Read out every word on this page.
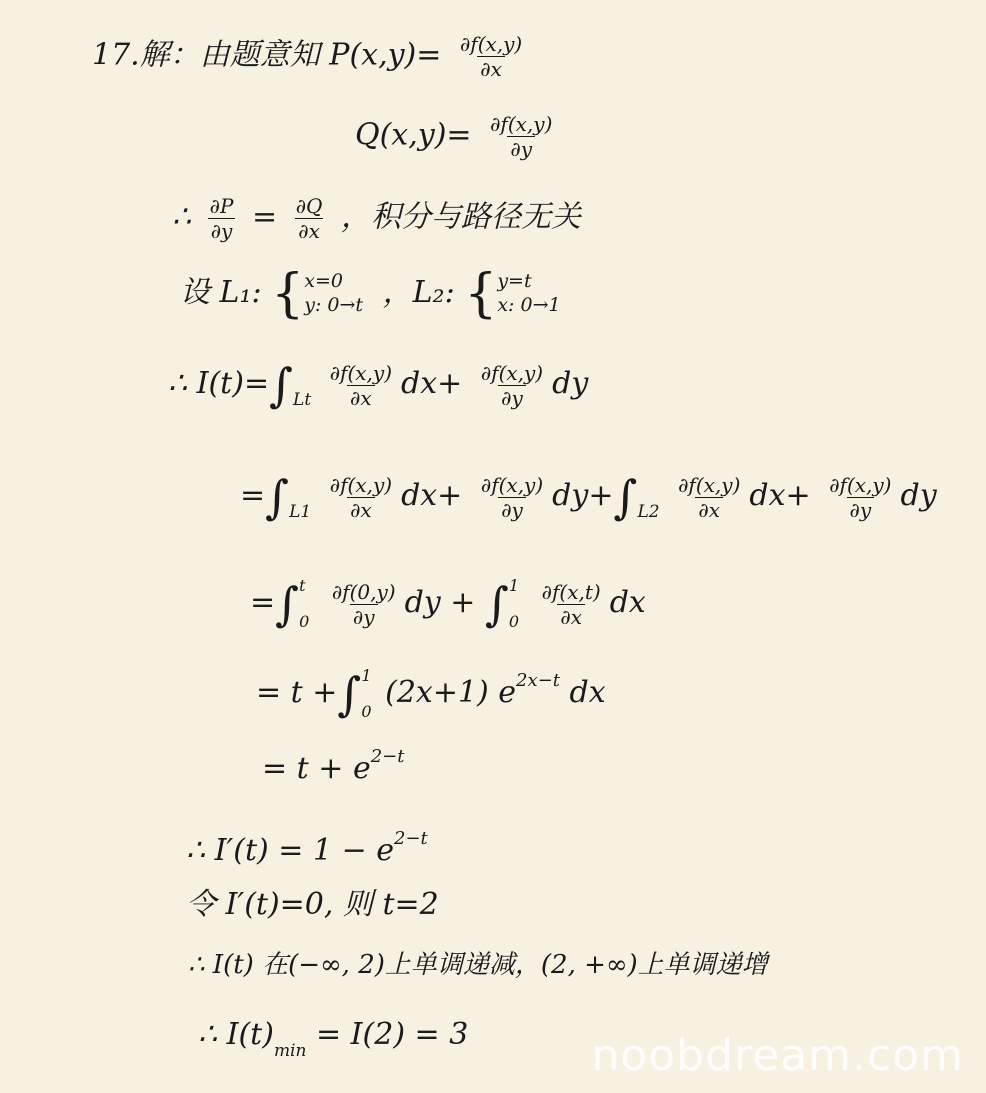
17.解：由题意知 $P(x,y)= \frac{\partial f(x,y)}{\partial x}$
$Q(x,y)= \frac{\partial f(x,y)}{\partial y}$
∴ $\frac{\partial P}{\partial y} = \frac{\partial Q}{\partial x}$ ，积分与路径无关
设 L₁: { x=0
y: 0→t ，L₂: { y=t
x: 0→1
∴ $I(t)=\int_{Lt} \frac{\partial f(x,y)}{\partial x} dx+ \frac{\partial f(x,y)}{\partial y}$ dy
$=\int_{L1} \frac{\partial f(x,y)}{\partial x} dx+ \frac{\partial f(x,y)}{\partial y} dy+\int_{L2} \frac{\partial f(x,y)}{\partial x} dx+ \frac{\partial f(x,y)}{\partial y}$ dy
=∫ t
0
$\frac{\partial f(0,y)}{\partial y}$ dy + ∫ 1
0
$\frac{\partial f(x,t)}{\partial x}$ dx
= t +∫ 1
0
(2x+1) $e^{2x-t}$ dx
= $t + e^{2-t}$
∴ $I'(t) = 1 - e^{2-t}$
令 I′(t)=0, 则 t=2
∴ I(t) 在(−∞, 2)上单调递减，(2, +∞)上单调递增
∴ $I(t)_{min} = I(2) = 3$	noobdream.com
